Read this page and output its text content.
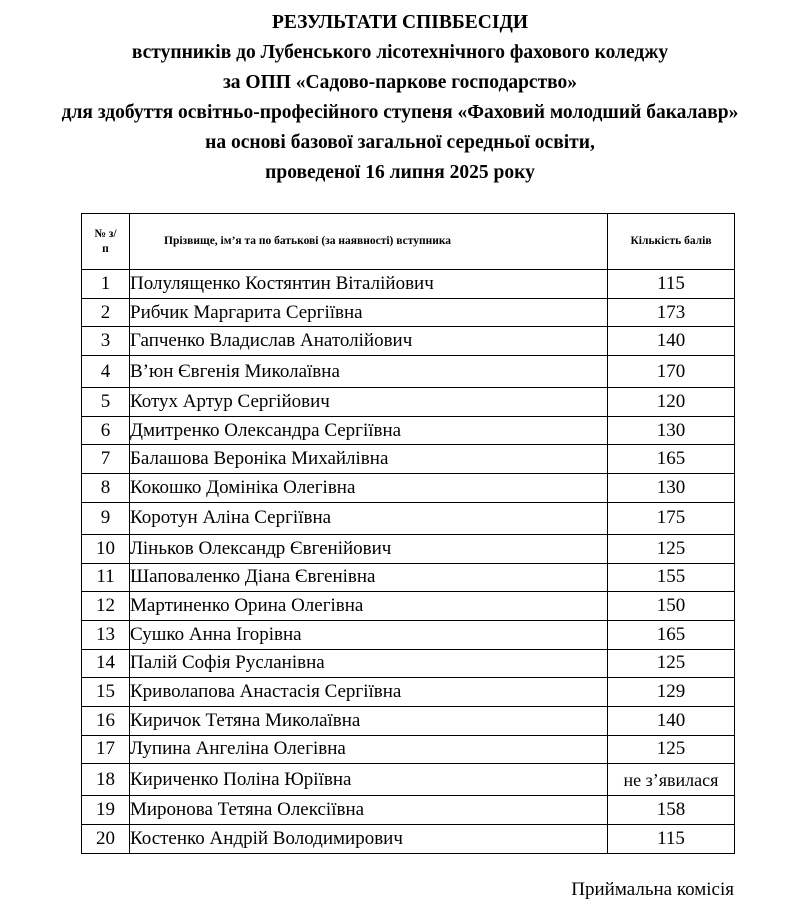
РЕЗУЛЬТАТИ СПІВБЕСІДИ
вступників до Лубенського лісотехнічного фахового коледжу
за ОПП «Садово-паркове господарство»
для здобуття освітньо-професійного ступеня «Фаховий молодший бакалавр»
на основі базової загальної середньої освіти,
проведеної 16 липня 2025 року
№ з/п	Прізвище, ім’я та по батькові (за наявності) вступника	Кількість балів
1	Полулященко Костянтин Віталійович	115
2	Рибчик Маргарита Сергіївна	173
3	Гапченко Владислав Анатолійович	140
4	В’юн Євгенія Миколаївна	170
5	Котух Артур Сергійович	120
6	Дмитренко Олександра Сергіївна	130
7	Балашова Вероніка Михайлівна	165
8	Кокошко Домініка Олегівна	130
9	Коротун Аліна Сергіївна	175
10	Ліньков Олександр Євгенійович	125
11	Шаповаленко Діана Євгенівна	155
12	Мартиненко Орина Олегівна	150
13	Сушко Анна Ігорівна	165
14	Палій Софія Русланівна	125
15	Криволапова Анастасія Сергіївна	129
16	Киричок Тетяна Миколаївна	140
17	Лупина Ангеліна Олегівна	125
18	Кириченко Поліна Юріївна	не з’явилася
19	Миронова Тетяна Олексіївна	158
20	Костенко Андрій Володимирович	115
Приймальна комісія
